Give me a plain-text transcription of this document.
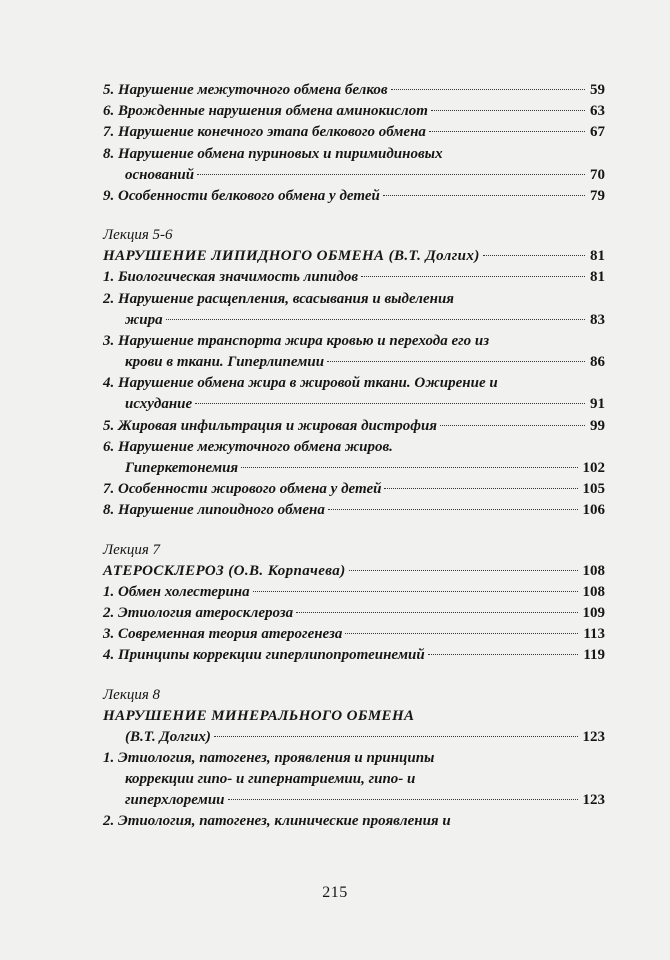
5. Нарушение межуточного обмена белков	59
6. Врожденные нарушения обмена аминокислот	63
7. Нарушение конечного этапа белкового обмена	67
8. Нарушение обмена пуриновых и пиримидиновых
оснований	70
9. Особенности белкового обмена у детей	79
Лекция 5-6
НАРУШЕНИЕ ЛИПИДНОГО ОБМЕНА (В.Т. Долгих)	81
1. Биологическая значимость липидов	81
2. Нарушение расщепления, всасывания и выделения
жира	83
3. Нарушение транспорта жира кровью и перехода его из
крови в ткани. Гиперлипемии	86
4. Нарушение обмена жира в жировой ткани. Ожирение и
исхудание	91
5. Жировая инфильтрация и жировая дистрофия	99
6. Нарушение межуточного обмена жиров.
Гиперкетонемия	102
7. Особенности жирового обмена у детей	105
8. Нарушение липоидного обмена	106
Лекция 7
АТЕРОСКЛЕРОЗ (О.В. Корпачева)	108
1. Обмен холестерина	108
2. Этиология атеросклероза	109
3. Современная теория атерогенеза	113
4. Принципы коррекции гиперлипопротеинемий	119
Лекция 8
НАРУШЕНИЕ МИНЕРАЛЬНОГО ОБМЕНА
(В.Т. Долгих)	123
1. Этиология, патогенез, проявления и принципы
коррекции гипо- и гипернатриемии, гипо- и
гиперхлоремии	123
2. Этиология, патогенез, клинические проявления и
215
